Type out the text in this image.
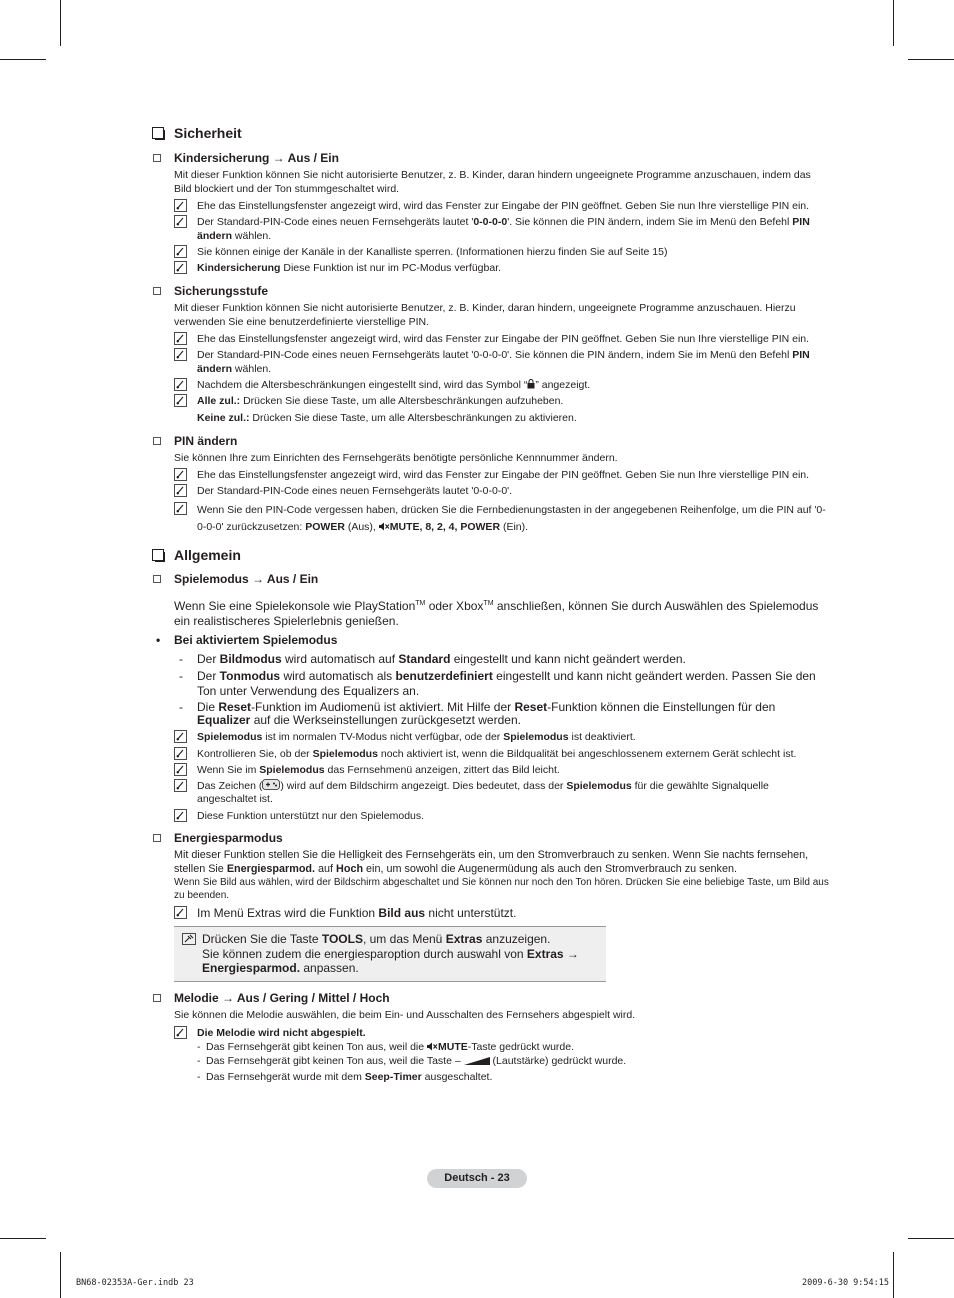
Sicherheit
Kindersicherung → Aus / Ein
Mit dieser Funktion können Sie nicht autorisierte Benutzer, z. B. Kinder, daran hindern ungeeignete Programme anzuschauen, indem das Bild blockiert und der Ton stummgeschaltet wird.
Ehe das Einstellungsfenster angezeigt wird, wird das Fenster zur Eingabe der PIN geöffnet. Geben Sie nun Ihre vierstellige PIN ein.
Der Standard-PIN-Code eines neuen Fernsehgeräts lautet '0-0-0-0'. Sie können die PIN ändern, indem Sie im Menü den Befehl PIN ändern wählen.
Sie können einige der Kanäle in der Kanalliste sperren. (Informationen hierzu finden Sie auf Seite 15)
Kindersicherung Diese Funktion ist nur im PC-Modus verfügbar.
Sicherungsstufe
Mit dieser Funktion können Sie nicht autorisierte Benutzer, z. B. Kinder, daran hindern, ungeeignete Programme anzuschauen. Hierzu verwenden Sie eine benutzerdefinierte vierstellige PIN.
Ehe das Einstellungsfenster angezeigt wird, wird das Fenster zur Eingabe der PIN geöffnet. Geben Sie nun Ihre vierstellige PIN ein.
Der Standard-PIN-Code eines neuen Fernsehgeräts lautet '0-0-0-0'. Sie können die PIN ändern, indem Sie im Menü den Befehl PIN ändern wählen.
Nachdem die Altersbeschränkungen eingestellt sind, wird das Symbol “ ” angezeigt.
Alle zul.: Drücken Sie diese Taste, um alle Altersbeschränkungen aufzuheben.
Keine zul.: Drücken Sie diese Taste, um alle Altersbeschränkungen zu aktivieren.
PIN ändern
Sie können Ihre zum Einrichten des Fernsehgeräts benötigte persönliche Kennnummer ändern.
Ehe das Einstellungsfenster angezeigt wird, wird das Fenster zur Eingabe der PIN geöffnet. Geben Sie nun Ihre vierstellige PIN ein.
Der Standard-PIN-Code eines neuen Fernsehgeräts lautet '0-0-0-0'.
Wenn Sie den PIN-Code vergessen haben, drücken Sie die Fernbedienungstasten in der angegebenen Reihenfolge, um die PIN auf '0-0-0-0' zurückzusetzen: POWER (Aus), MUTE, 8, 2, 4, POWER (Ein).
Allgemein
Spielemodus → Aus / Ein
Wenn Sie eine Spielekonsole wie PlayStation™ oder Xbox™ anschließen, können Sie durch Auswählen des Spielemodus ein realistischeres Spielerlebnis genießen.
• Bei aktiviertem Spielemodus
- Der Bildmodus wird automatisch auf Standard eingestellt und kann nicht geändert werden.
- Der Tonmodus wird automatisch als benutzerdefiniert eingestellt und kann nicht geändert werden. Passen Sie den Ton unter Verwendung des Equalizers an.
- Die Reset-Funktion im Audiomenü ist aktiviert. Mit Hilfe der Reset-Funktion können die Einstellungen für den Equalizer auf die Werkseinstellungen zurückgesetzt werden.
Spielemodus ist im normalen TV-Modus nicht verfügbar, ode der Spielemodus ist deaktiviert.
Kontrollieren Sie, ob der Spielemodus noch aktiviert ist, wenn die Bildqualität bei angeschlossenem externem Gerät schlecht ist.
Wenn Sie im Spielemodus das Fernsehmenü anzeigen, zittert das Bild leicht.
Das Zeichen ( ) wird auf dem Bildschirm angezeigt. Dies bedeutet, dass der Spielemodus für die gewählte Signalquelle angeschaltet ist.
Diese Funktion unterstützt nur den Spielemodus.
Energiesparmodus
Mit dieser Funktion stellen Sie die Helligkeit des Fernsehgeräts ein, um den Stromverbrauch zu senken. Wenn Sie nachts fernsehen, stellen Sie Energiesparmod. auf Hoch ein, um sowohl die Augenermüdung als auch den Stromverbrauch zu senken.
Wenn Sie Bild aus wählen, wird der Bildschirm abgeschaltet und Sie können nur noch den Ton hören. Drücken Sie eine beliebige Taste, um Bild aus zu beenden.
Im Menü Extras wird die Funktion Bild aus nicht unterstützt.
Drücken Sie die Taste TOOLS, um das Menü Extras anzuzeigen.
Sie können zudem die energiesparoption durch auswahl von Extras →
Energiesparmod. anpassen.
Melodie → Aus / Gering / Mittel / Hoch
Sie können die Melodie auswählen, die beim Ein- und Ausschalten des Fernsehers abgespielt wird.
Die Melodie wird nicht abgespielt.
- Das Fernsehgerät gibt keinen Ton aus, weil die MUTE-Taste gedrückt wurde.
- Das Fernsehgerät gibt keinen Ton aus, weil die Taste –  (Lautstärke) gedrückt wurde.
- Das Fernsehgerät wurde mit dem Seep-Timer ausgeschaltet.
Deutsch - 23
BN68-02353A-Ger.indb 23	2009-6-30 9:54:15
